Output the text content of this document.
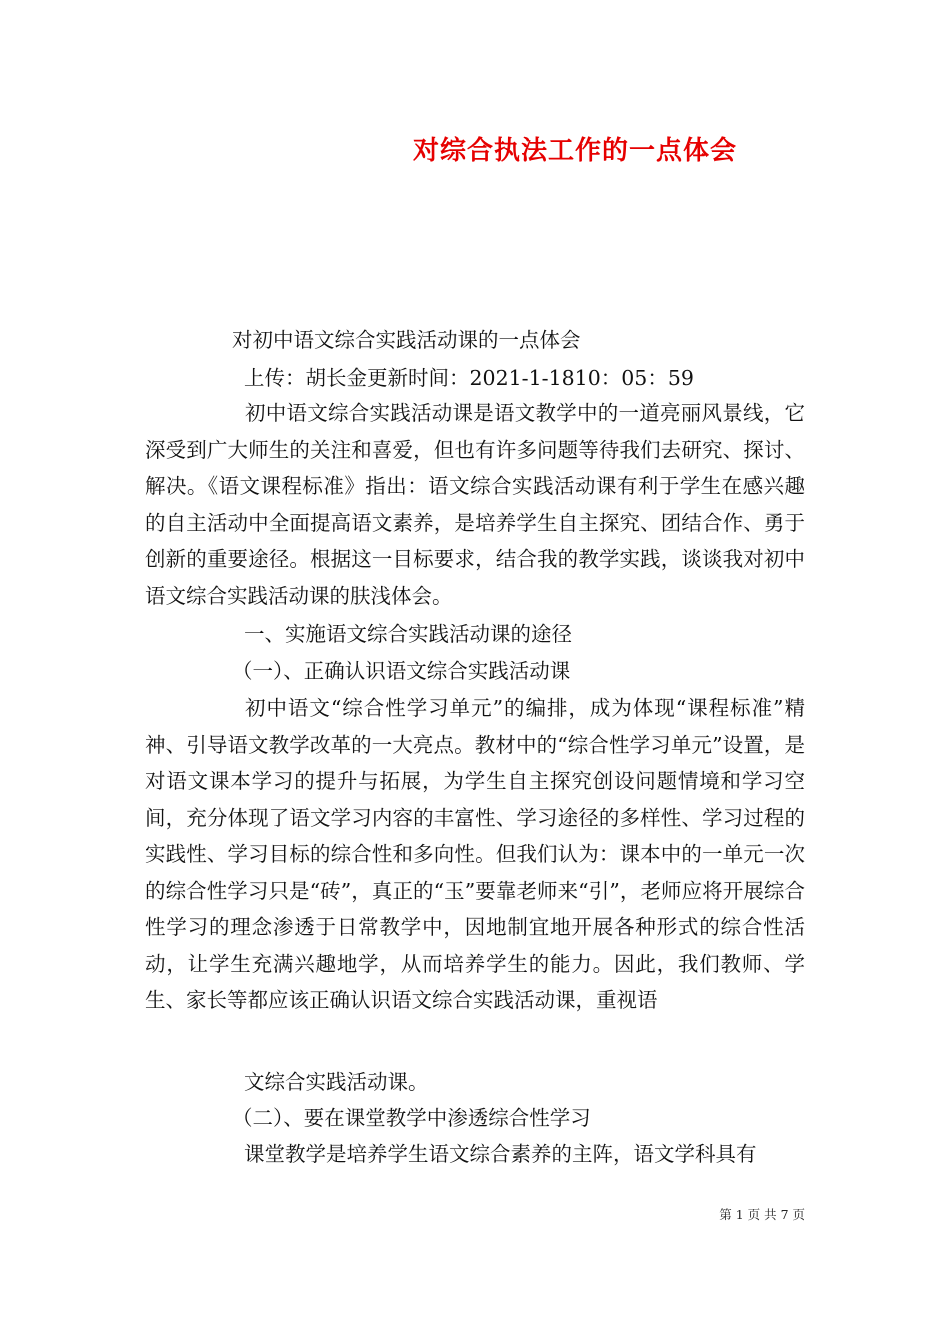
对综合执法工作的一点体会
对初中语文综合实践活动课的一点体会
上传：胡长金更新时间：2021-1-1810：05：59
初中语文综合实践活动课是语文教学中的一道亮丽风景线，它深受到广大师生的关注和喜爱，但也有许多问题等待我们去研究、探讨、解决。《语文课程标准》指出：语文综合实践活动课有利于学生在感兴趣的自主活动中全面提高语文素养，是培养学生自主探究、团结合作、勇于创新的重要途径。根据这一目标要求，结合我的教学实践，谈谈我对初中语文综合实践活动课的肤浅体会。
一、实施语文综合实践活动课的途径
（一）、正确认识语文综合实践活动课
初中语文“综合性学习单元”的编排，成为体现“课程标准”精神、引导语文教学改革的一大亮点。教材中的“综合性学习单元”设置，是对语文课本学习的提升与拓展，为学生自主探究创设问题情境和学习空间，充分体现了语文学习内容的丰富性、学习途径的多样性、学习过程的实践性、学习目标的综合性和多向性。但我们认为：课本中的一单元一次的综合性学习只是“砖”，真正的“玉”要靠老师来“引”，老师应将开展综合性学习的理念渗透于日常教学中，因地制宜地开展各种形式的综合性活动，让学生充满兴趣地学，从而培养学生的能力。因此，我们教师、学生、家长等都应该正确认识语文综合实践活动课，重视语
文综合实践活动课。
（二）、要在课堂教学中渗透综合性学习
课堂教学是培养学生语文综合素养的主阵，语文学科具有
第 1 页 共 7 页
